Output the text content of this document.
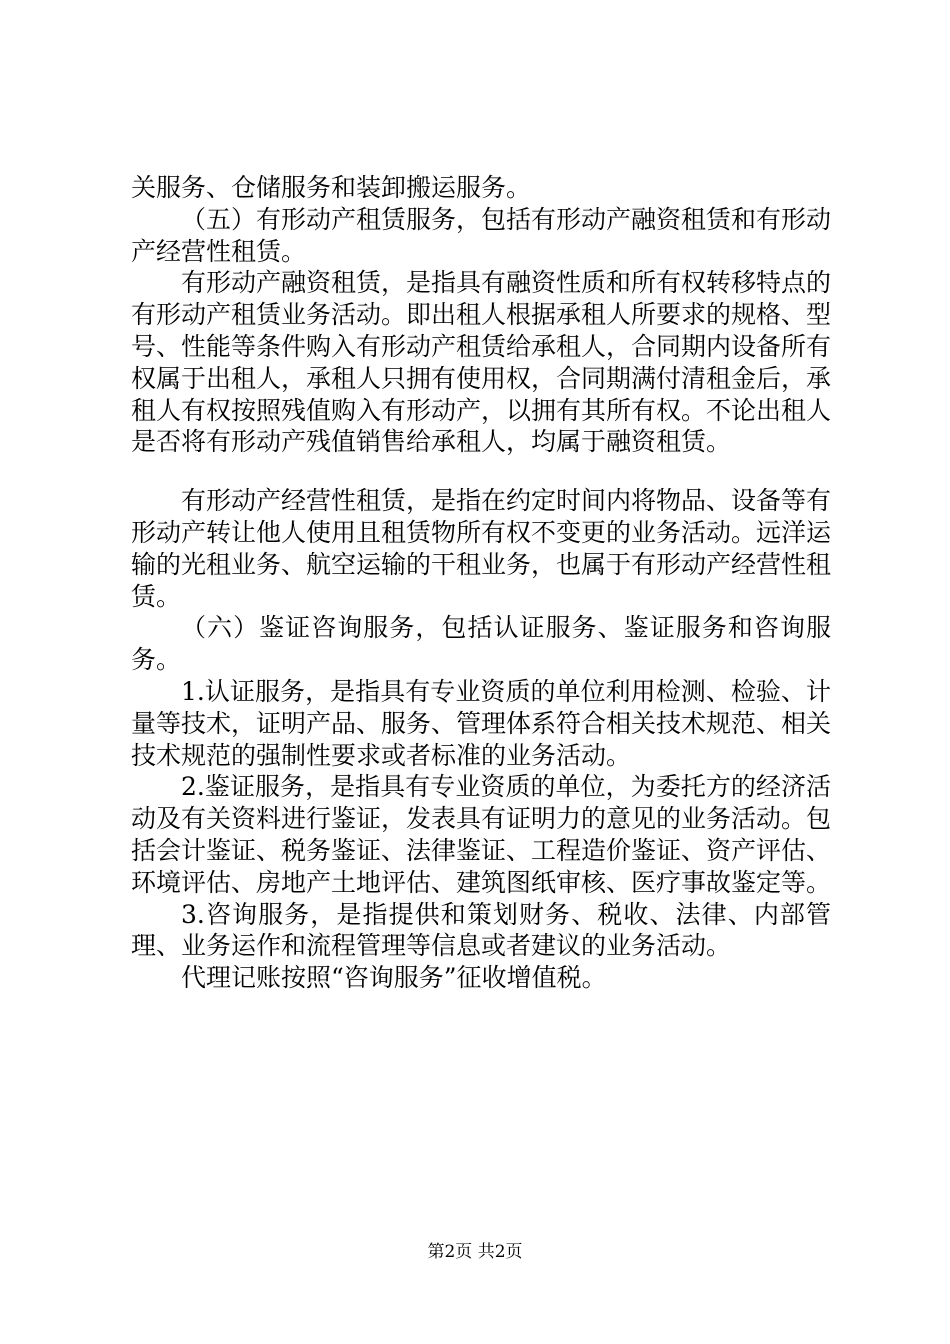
关服务、仓储服务和装卸搬运服务。

（五）有形动产租赁服务，包括有形动产融资租赁和有形动产经营性租赁。

有形动产融资租赁，是指具有融资性质和所有权转移特点的有形动产租赁业务活动。即出租人根据承租人所要求的规格、型号、性能等条件购入有形动产租赁给承租人，合同期内设备所有权属于出租人，承租人只拥有使用权，合同期满付清租金后，承租人有权按照残值购入有形动产，以拥有其所有权。不论出租人是否将有形动产残值销售给承租人，均属于融资租赁。

有形动产经营性租赁，是指在约定时间内将物品、设备等有形动产转让他人使用且租赁物所有权不变更的业务活动。远洋运输的光租业务、航空运输的干租业务，也属于有形动产经营性租赁。

（六）鉴证咨询服务，包括认证服务、鉴证服务和咨询服务。

1.认证服务，是指具有专业资质的单位利用检测、检验、计量等技术，证明产品、服务、管理体系符合相关技术规范、相关技术规范的强制性要求或者标准的业务活动。

2.鉴证服务，是指具有专业资质的单位，为委托方的经济活动及有关资料进行鉴证，发表具有证明力的意见的业务活动。包括会计鉴证、税务鉴证、法律鉴证、工程造价鉴证、资产评估、环境评估、房地产土地评估、建筑图纸审核、医疗事故鉴定等。

3.咨询服务，是指提供和策划财务、税收、法律、内部管理、业务运作和流程管理等信息或者建议的业务活动。

代理记账按照“咨询服务”征收增值税。

第2页 共2页
